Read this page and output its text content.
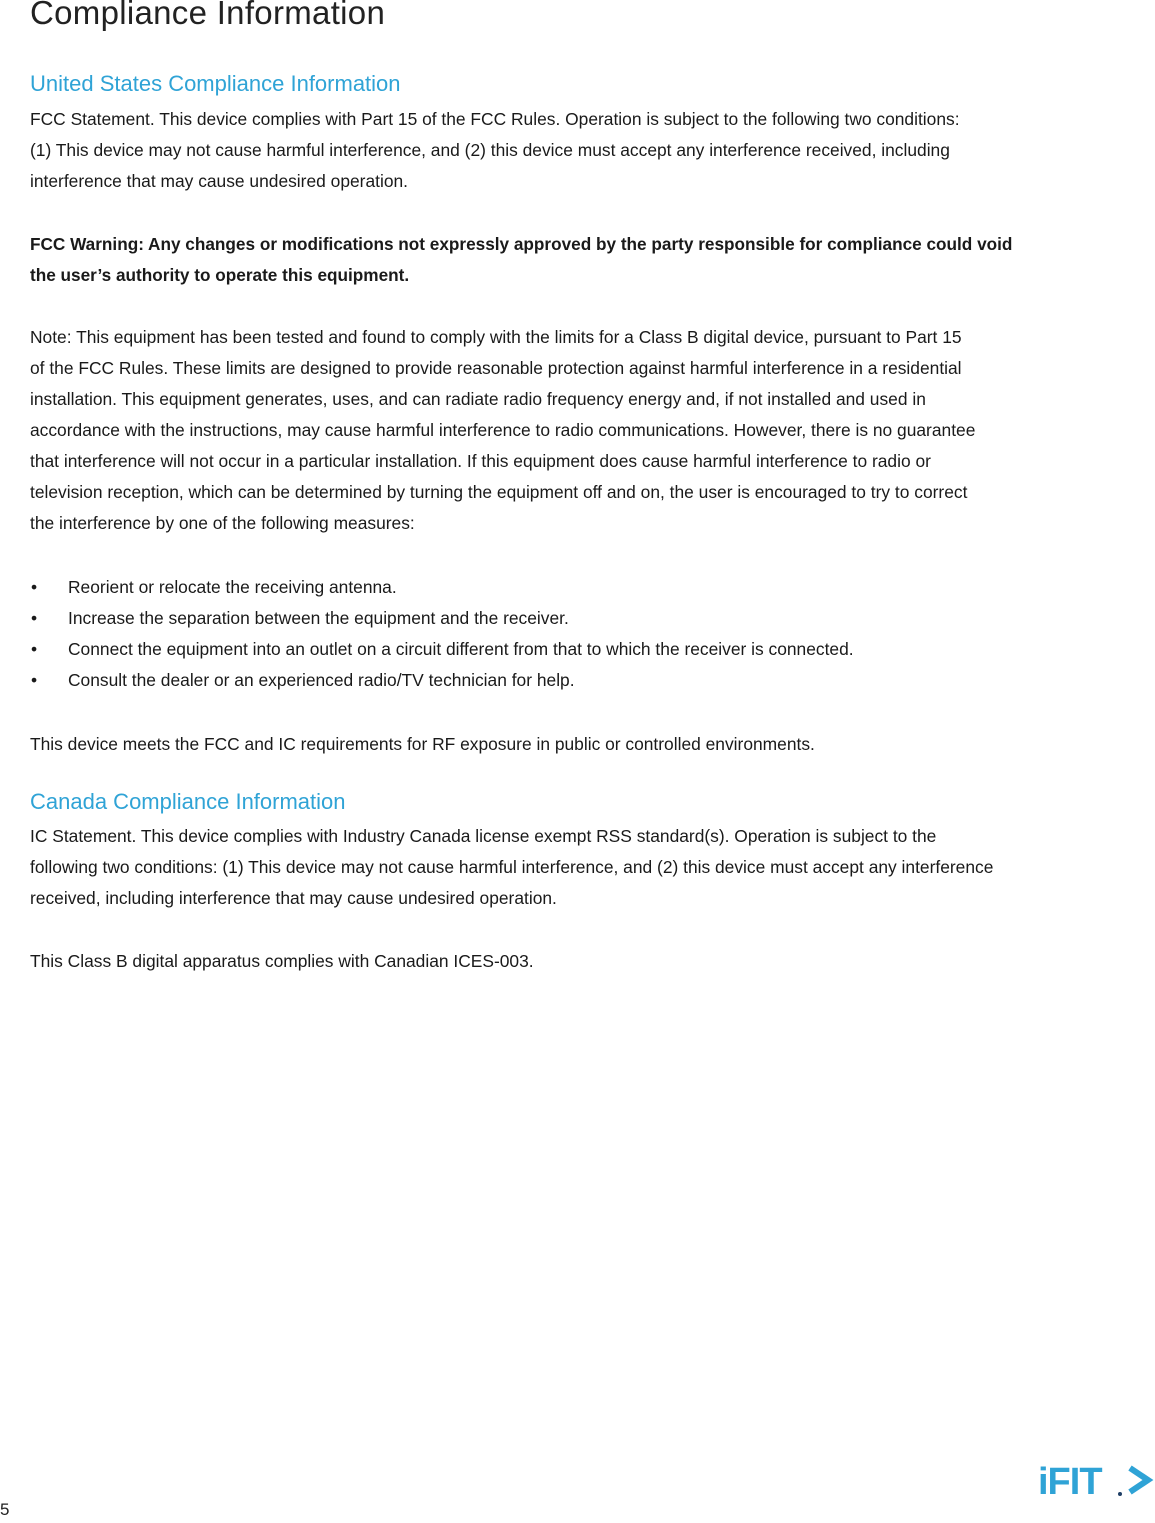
Compliance Information
United States Compliance Information

FCC Statement. This device complies with Part 15 of the FCC Rules. Operation is subject to the following two conditions:
(1) This device may not cause harmful interference, and (2) this device must accept any interference received, including
interference that may cause undesired operation.

FCC Warning: Any changes or modifications not expressly approved by the party responsible for compliance could void
the user’s authority to operate this equipment.

Note: This equipment has been tested and found to comply with the limits for a Class B digital device, pursuant to Part 15
of the FCC Rules. These limits are designed to provide reasonable protection against harmful interference in a residential
installation. This equipment generates, uses, and can radiate radio frequency energy and, if not installed and used in
accordance with the instructions, may cause harmful interference to radio communications. However, there is no guarantee
that interference will not occur in a particular installation. If this equipment does cause harmful interference to radio or
television reception, which can be determined by turning the equipment off and on, the user is encouraged to try to correct
the interference by one of the following measures:

•	Reorient or relocate the receiving antenna.
•	Increase the separation between the equipment and the receiver.
•	Connect the equipment into an outlet on a circuit different from that to which the receiver is connected.
•	Consult the dealer or an experienced radio/TV technician for help.

This device meets the FCC and IC requirements for RF exposure in public or controlled environments.

Canada Compliance Information

IC Statement. This device complies with Industry Canada license exempt RSS standard(s). Operation is subject to the
following two conditions: (1) This device may not cause harmful interference, and (2) this device must accept any interference
received, including interference that may cause undesired operation.

This Class B digital apparatus complies with Canadian ICES-003.

5
iFIT
